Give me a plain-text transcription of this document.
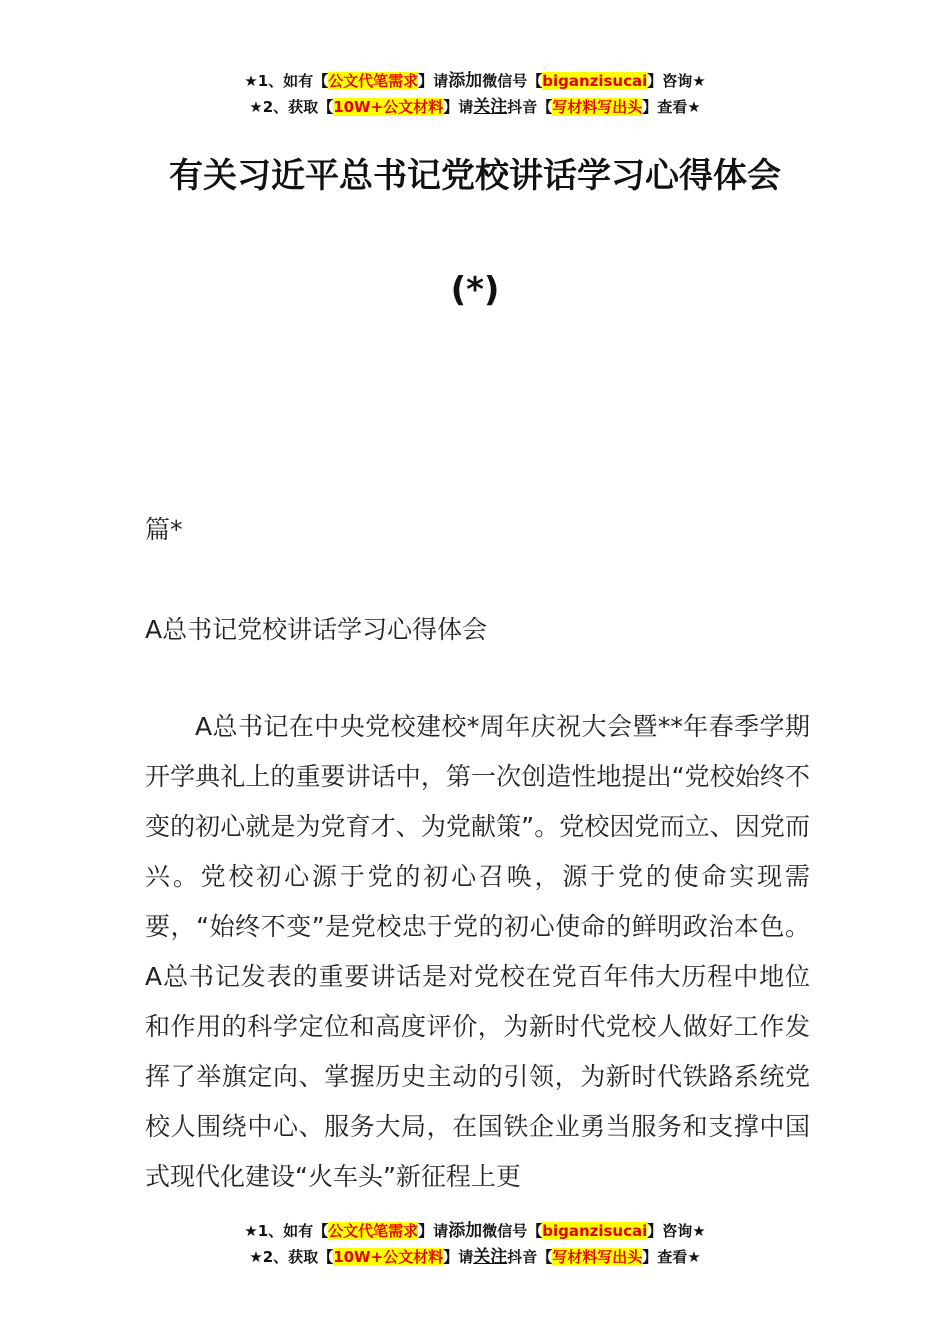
★1、如有【公文代笔需求】请添加微信号【biganzisucai】咨询★
★2、获取【10W+公文材料】请关注抖音【写材料写出头】查看★
有关习近平总书记党校讲话学习心得体会
(*)
篇*
A总书记党校讲话学习心得体会
A总书记在中央党校建校*周年庆祝大会暨**年春季学期开学典礼上的重要讲话中，第一次创造性地提出“党校始终不变的初心就是为党育才、为党献策”。党校因党而立、因党而兴。党校初心源于党的初心召唤，源于党的使命实现需要，“始终不变”是党校忠于党的初心使命的鲜明政治本色。A总书记发表的重要讲话是对党校在党百年伟大历程中地位和作用的科学定位和高度评价，为新时代党校人做好工作发挥了举旗定向、掌握历史主动的引领，为新时代铁路系统党校人围绕中心、服务大局，在国铁企业勇当服务和支撑中国式现代化建设“火车头”新征程上更
★1、如有【公文代笔需求】请添加微信号【biganzisucai】咨询★
★2、获取【10W+公文材料】请关注抖音【写材料写出头】查看★
